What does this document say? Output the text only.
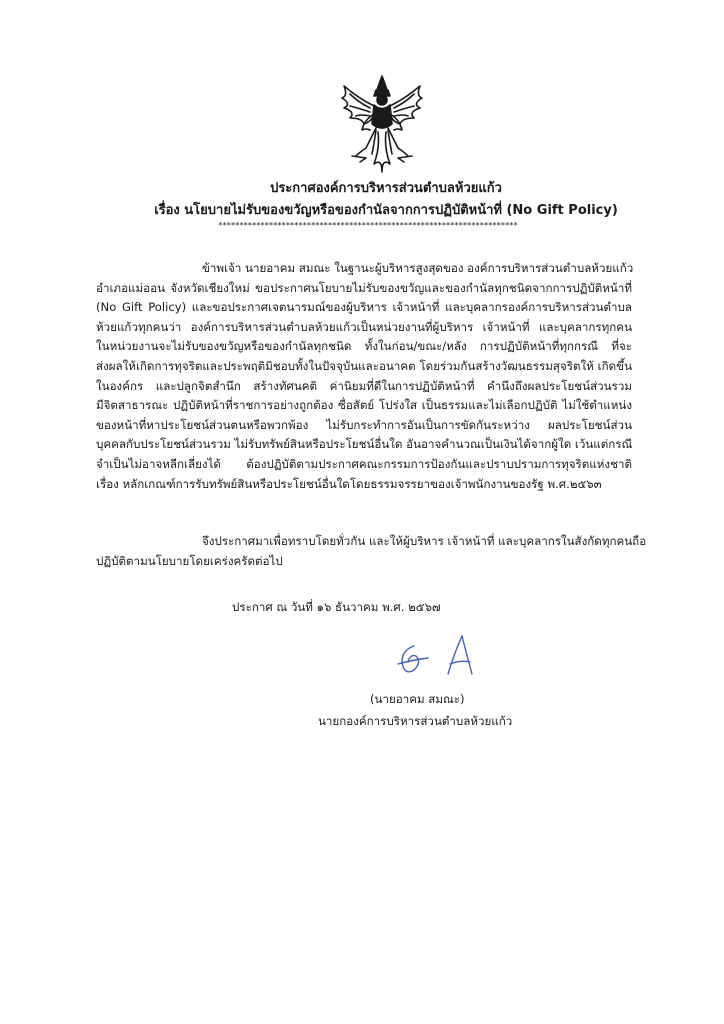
ประกาศองค์การบริหารส่วนตำบลห้วยแก้ว
เรื่อง นโยบายไม่รับของขวัญหรือของกำนัลจากการปฏิบัติหน้าที่ (No Gift Policy)
***********************************************************************
ข้าพเจ้า นายอาคม สมณะ ในฐานะผู้บริหารสูงสุดของ องค์การบริหารส่วนตำบลห้วยแก้ว
อำเภอแม่ออน จังหวัดเชียงใหม่ ขอประกาศนโยบายไม่รับของขวัญและของกำนัลทุกชนิดจากการปฏิบัติหน้าที่
(No Gift Policy) และขอประกาศเจตนารมณ์ของผู้บริหาร เจ้าหน้าที่ และบุคลากรองค์การบริหารส่วนตำบล
ห้วยแก้วทุกคนว่า องค์การบริหารส่วนตำบลห้วยแก้วเป็นหน่วยงานที่ผู้บริหาร เจ้าหน้าที่ และบุคลากรทุกคน
ในหน่วยงานจะไม่รับของขวัญหรือของกำนัลทุกชนิด ทั้งในก่อน/ขณะ/หลัง การปฏิบัติหน้าที่ทุกกรณี ที่จะ
ส่งผลให้เกิดการทุจริตและประพฤติมิชอบทั้งในปัจจุบันและอนาคต โดยร่วมกันสร้างวัฒนธรรมสุจริตให้ เกิดขึ้น
ในองค์กร และปลูกจิตสำนึก สร้างทัศนคติ ค่านิยมที่ดีในการปฏิบัติหน้าที่ คำนึงถึงผลประโยชน์ส่วนรวม
มีจิตสาธารณะ ปฏิบัติหน้าที่ราชการอย่างถูกต้อง ซื่อสัตย์ โปร่งใส เป็นธรรมและไม่เลือกปฏิบัติ ไม่ใช้ตำแหน่ง
ของหน้าที่หาประโยชน์ส่วนตนหรือพวกพ้อง ไม่รับกระทำการอันเป็นการขัดกันระหว่าง ผลประโยชน์ส่วน
บุคคลกับประโยชน์ส่วนรวม ไม่รับทรัพย์สินหรือประโยชน์อื่นใด อันอาจคำนวณเป็นเงินได้จากผู้ใด เว้นแต่กรณี
จำเป็นไม่อาจหลีกเลี่ยงได้ ต้องปฏิบัติตามประกาศคณะกรรมการป้องกันและปราบปรามการทุจริตแห่งชาติ
เรื่อง หลักเกณฑ์การรับทรัพย์สินหรือประโยชน์อื่นใดโดยธรรมจรรยาของเจ้าพนักงานของรัฐ พ.ศ.๒๕๖๓
จึงประกาศมาเพื่อทราบโดยทั่วกัน และให้ผู้บริหาร เจ้าหน้าที่ และบุคลากรในสังกัดทุกคนถือ
ปฏิบัติตามนโยบายโดยเคร่งครัดต่อไป
ประกาศ ณ วันที่ ๑๖ ธันวาคม พ.ศ. ๒๕๖๗
(นายอาคม สมณะ)
นายกองค์การบริหารส่วนตำบลห้วยแก้ว
